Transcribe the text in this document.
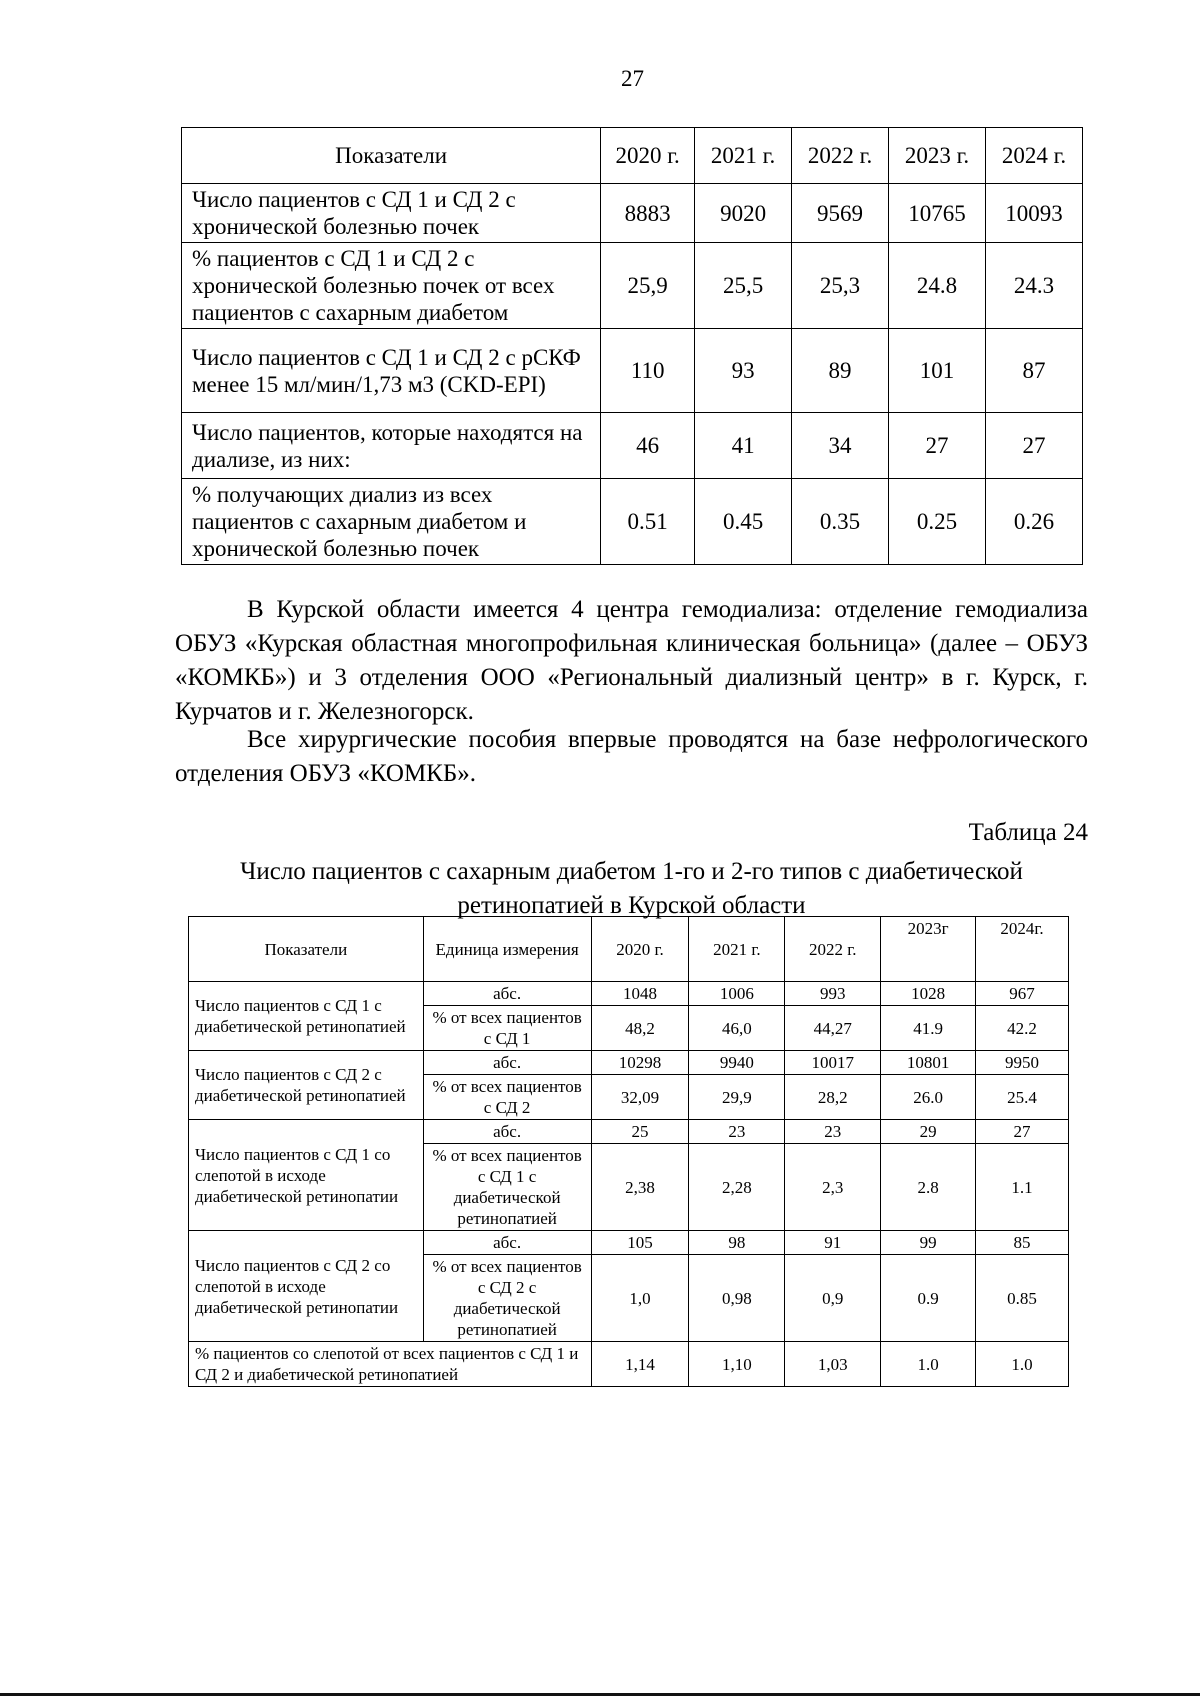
27
Показатели	2020 г.	2021 г.	2022 г.	2023 г.	2024 г.
Число пациентов с СД 1 и СД 2 с хронической болезнью почек	8883	9020	9569	10765	10093
% пациентов с СД 1 и СД 2 с хронической болезнью почек от всех пациентов с сахарным диабетом	25,9	25,5	25,3	24.8	24.3
Число пациентов с СД 1 и СД 2 с рСКФ менее 15 мл/мин/1,73 м3 (CKD-EPI)	110	93	89	101	87
Число пациентов, которые находятся на диализе, из них:	46	41	34	27	27
% получающих диализ из всех пациентов с сахарным диабетом и хронической болезнью почек	0.51	0.45	0.35	0.25	0.26

В Курской области имеется 4 центра гемодиализа: отделение гемодиализа ОБУЗ «Курская областная многопрофильная клиническая больница» (далее – ОБУЗ «КОМКБ») и 3 отделения ООО «Региональный диализный центр» в г. Курск, г. Курчатов и г. Железногорск.

Все хирургические пособия впервые проводятся на базе нефрологического отделения ОБУЗ «КОМКБ».

Таблица 24

Число пациентов с сахарным диабетом 1-го и 2-го типов с диабетической ретинопатией в Курской области

Показатели	Единица измерения	2020 г.	2021 г.	2022 г.	2023г	2024г.
Число пациентов с СД 1 с диабетической ретинопатией	абс.	1048	1006	993	1028	967
	% от всех пациентов с СД 1	48,2	46,0	44,27	41.9	42.2
Число пациентов с СД 2 с диабетической ретинопатией	абс.	10298	9940	10017	10801	9950
	% от всех пациентов с СД 2	32,09	29,9	28,2	26.0	25.4
Число пациентов с СД 1 со слепотой в исходе диабетической ретинопатии	абс.	25	23	23	29	27
	% от всех пациентов с СД 1 с диабетической ретинопатией	2,38	2,28	2,3	2.8	1.1
Число пациентов с СД 2 со слепотой в исходе диабетической ретинопатии	абс.	105	98	91	99	85
	% от всех пациентов с СД 2 с диабетической ретинопатией	1,0	0,98	0,9	0.9	0.85
% пациентов со слепотой от всех пациентов с СД 1 и СД 2 и диабетической ретинопатией		1,14	1,10	1,03	1.0	1.0
